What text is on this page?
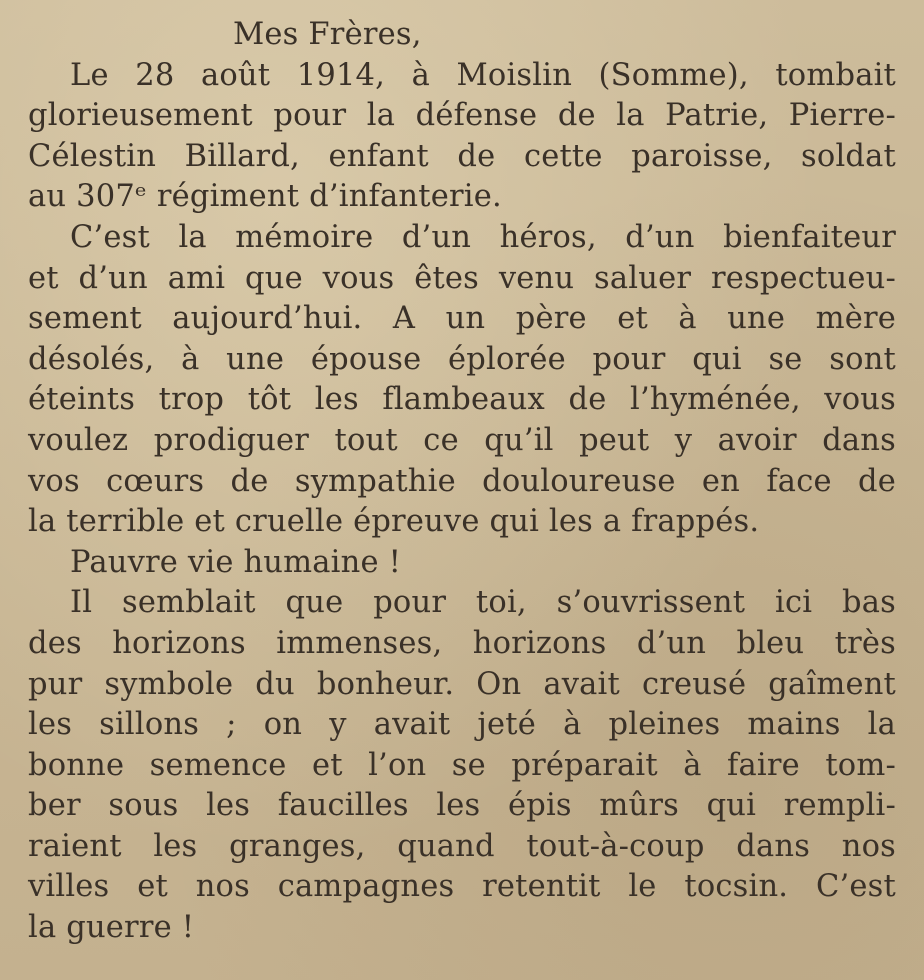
Mes Frères,
Le 28 août 1914, à Moislin (Somme), tombait
glorieusement pour la défense de la Patrie, Pierre-
Célestin Billard, enfant de cette paroisse, soldat
au 307ᵉ régiment d’infanterie.
C’est la mémoire d’un héros, d’un bienfaiteur
et d’un ami que vous êtes venu saluer respectueu-
sement aujourd’hui. A un père et à une mère
désolés, à une épouse éplorée pour qui se sont
éteints trop tôt les flambeaux de l’hyménée, vous
voulez prodiguer tout ce qu’il peut y avoir dans
vos cœurs de sympathie douloureuse en face de
la terrible et cruelle épreuve qui les a frappés.
Pauvre vie humaine !
Il semblait que pour toi, s’ouvrissent ici bas
des horizons immenses, horizons d’un bleu très
pur symbole du bonheur. On avait creusé gaîment
les sillons ; on y avait jeté à pleines mains la
bonne semence et l’on se préparait à faire tom-
ber sous les faucilles les épis mûrs qui rempli-
raient les granges, quand tout-à-coup dans nos
villes et nos campagnes retentit le tocsin. C’est
la guerre !
